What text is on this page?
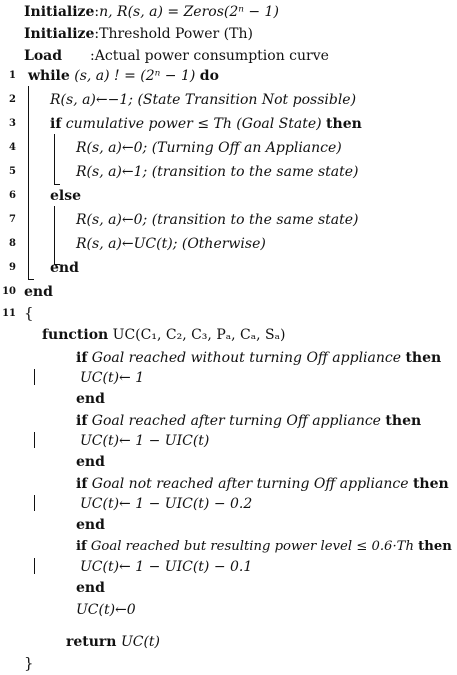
Initialize:n, R(s, a) = Zeros(2ⁿ − 1)
Initialize:Threshold Power (Th)
Load :Actual power consumption curve
1
2
3
4
5
6
7
8
9
10
11
while (s, a) ! = (2ⁿ − 1) do
R(s, a)←−1; (State Transition Not possible)
if cumulative power ≤ Th (Goal State) then
R(s, a)←0; (Turning Off an Appliance)
R(s, a)←1; (transition to the same state)
else
R(s, a)←0; (transition to the same state)
R(s, a)←UC(t); (Otherwise)
end
end
{
function UC(C₁, C₂, C₃, Pₐ, Cₐ, Sₐ)
if Goal reached without turning Off appliance then
UC(t)← 1
end
if Goal reached after turning Off appliance then
UC(t)← 1 − UIC(t)
end
if Goal not reached after turning Off appliance then
UC(t)← 1 − UIC(t) − 0.2
end
if Goal reached but resulting power level ≤ 0.6·Th then
UC(t)← 1 − UIC(t) − 0.1
end
UC(t)←0
return UC(t)
}
